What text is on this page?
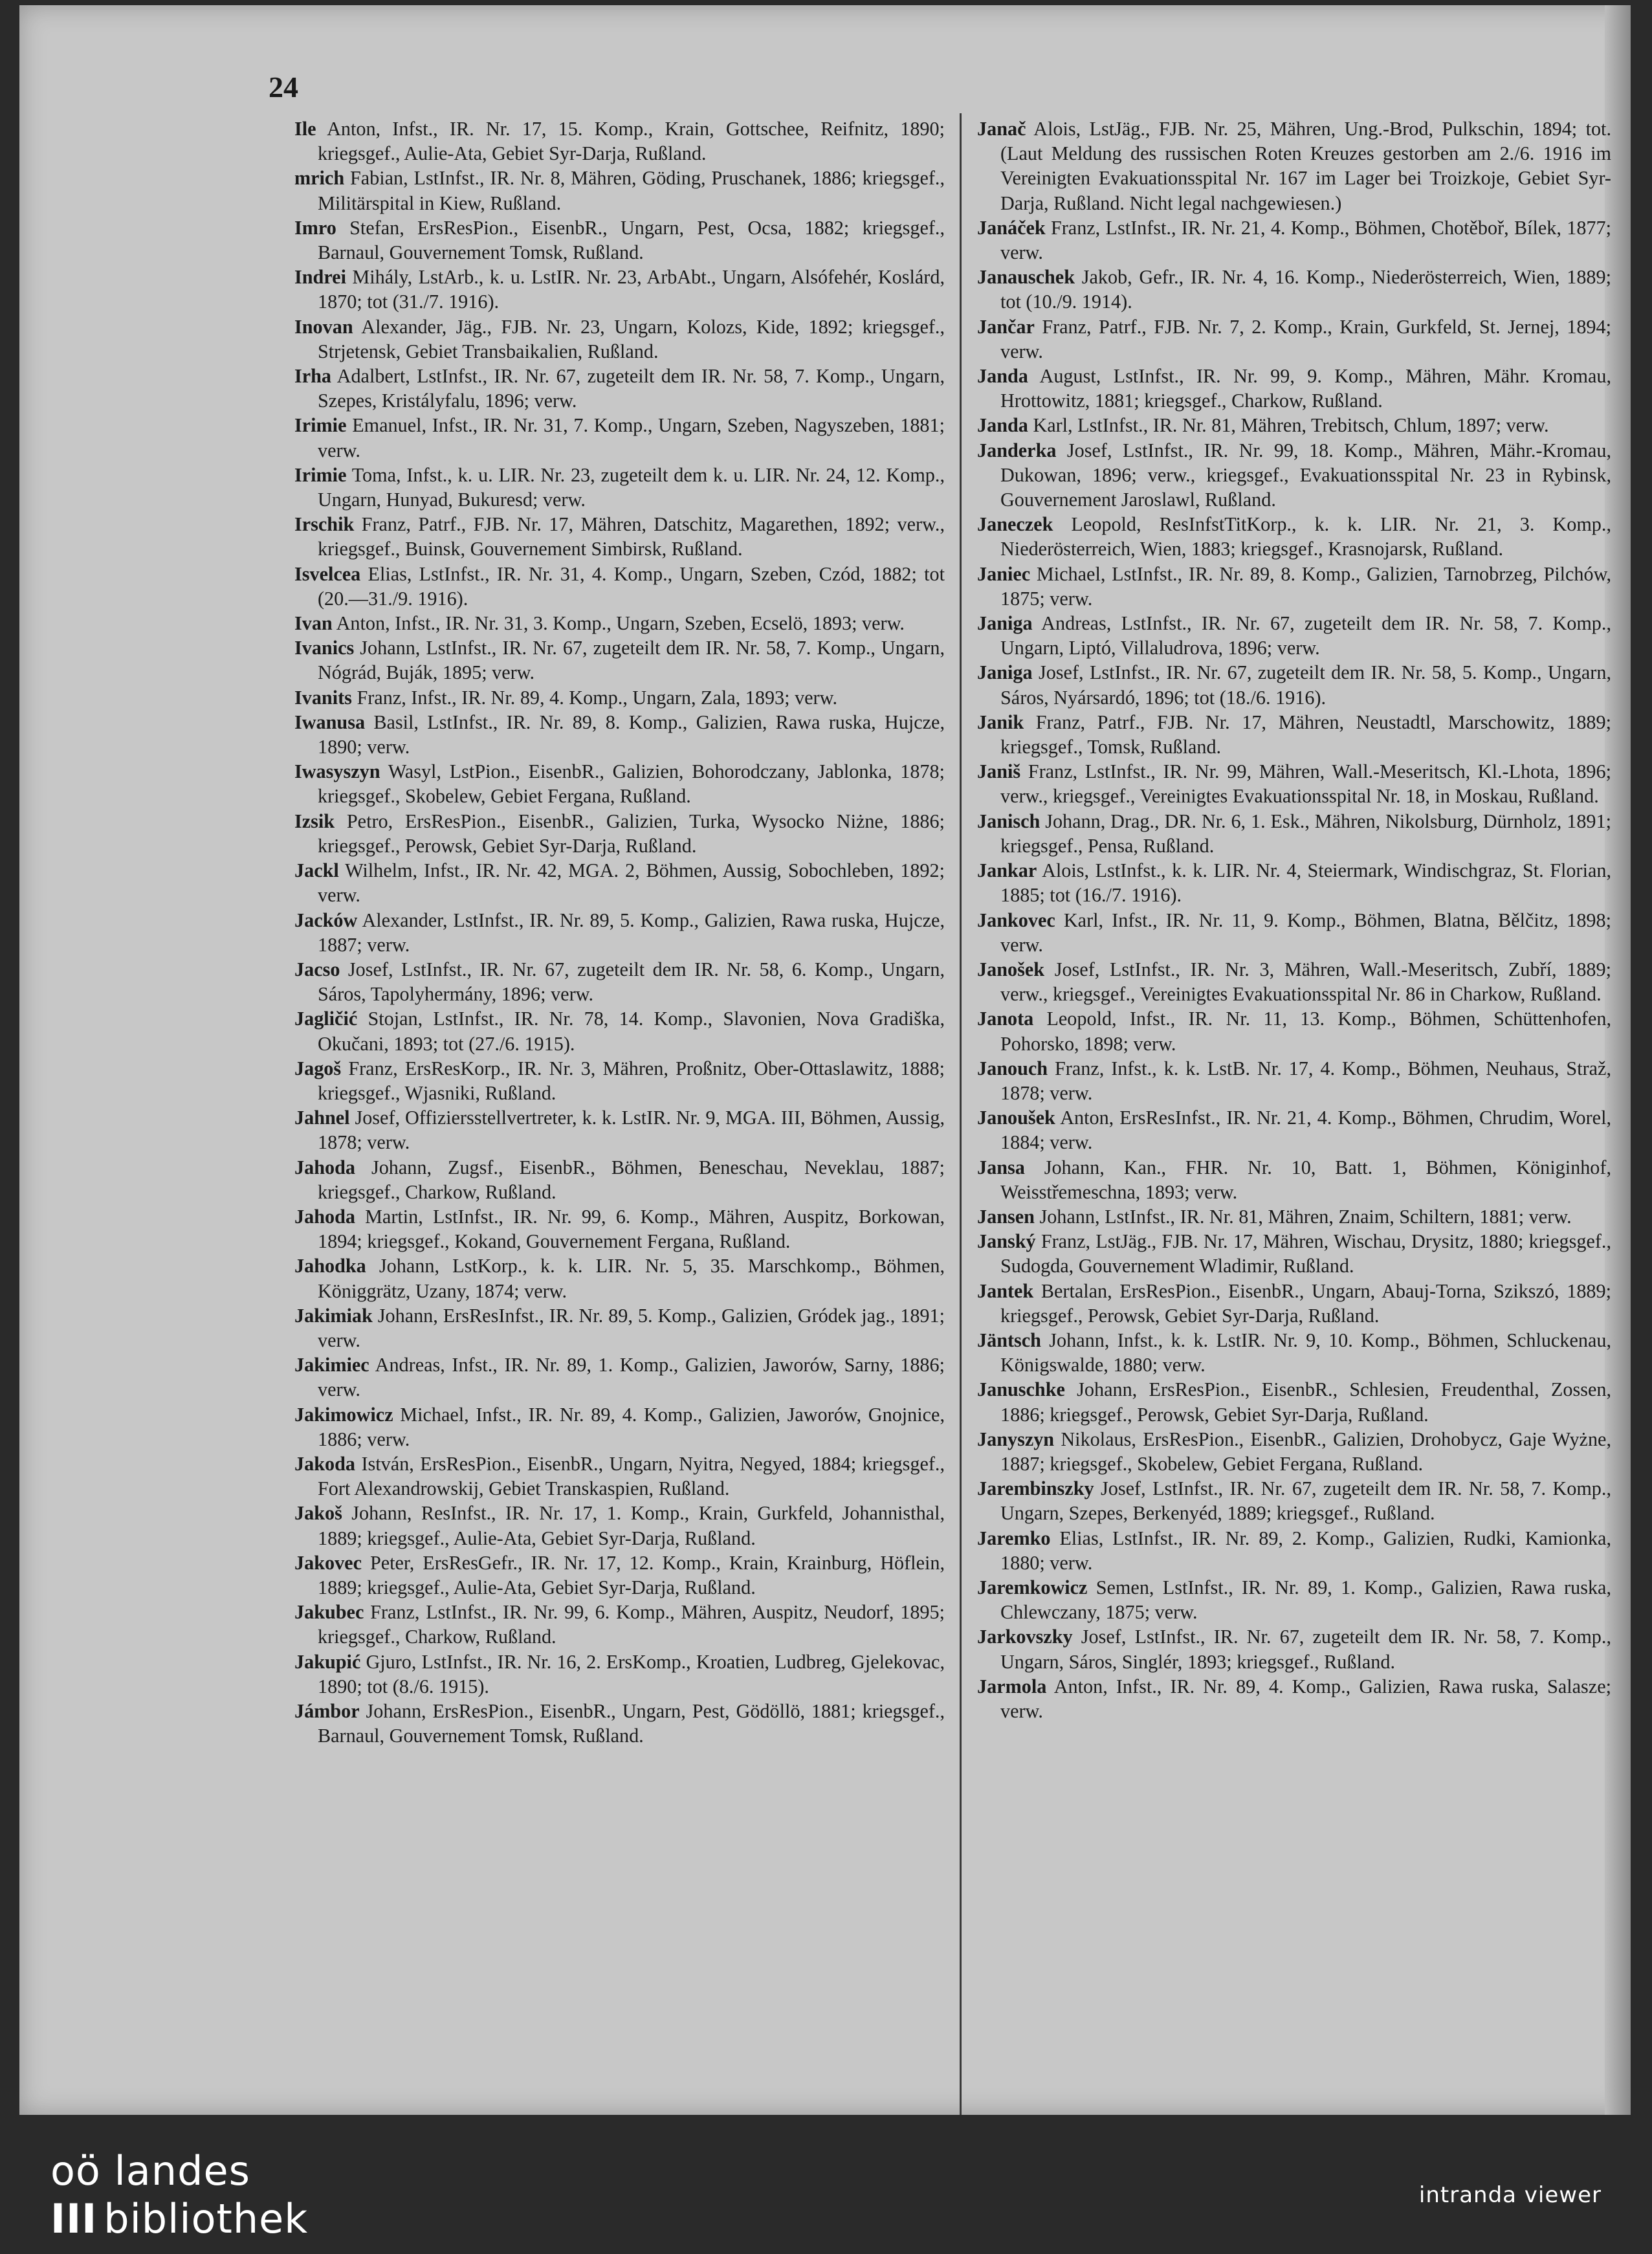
24
Ile Anton, Infst., IR. Nr. 17, 15. Komp., Krain, Gottschee, Reifnitz, 1890; kriegsgef., Aulie-Ata, Gebiet Syr-Darja, Rußland.
mrich Fabian, LstInfst., IR. Nr. 8, Mähren, Göding, Pruschanek, 1886; kriegsgef., Militärspital in Kiew, Rußland.
Imro Stefan, ErsResPion., EisenbR., Ungarn, Pest, Ocsa, 1882; kriegsgef., Barnaul, Gouvernement Tomsk, Rußland.
Indrei Mihály, LstArb., k. u. LstIR. Nr. 23, ArbAbt., Ungarn, Alsófehér, Koslárd, 1870; tot (31./7. 1916).
Inovan Alexander, Jäg., FJB. Nr. 23, Ungarn, Kolozs, Kide, 1892; kriegsgef., Strjetensk, Gebiet Transbaikalien, Rußland.
Irha Adalbert, LstInfst., IR. Nr. 67, zugeteilt dem IR. Nr. 58, 7. Komp., Ungarn, Szepes, Kristályfalu, 1896; verw.
Irimie Emanuel, Infst., IR. Nr. 31, 7. Komp., Ungarn, Szeben, Nagyszeben, 1881; verw.
Irimie Toma, Infst., k. u. LIR. Nr. 23, zugeteilt dem k. u. LIR. Nr. 24, 12. Komp., Ungarn, Hunyad, Bukuresd; verw.
Irschik Franz, Patrf., FJB. Nr. 17, Mähren, Datschitz, Magarethen, 1892; verw., kriegsgef., Buinsk, Gouvernement Simbirsk, Rußland.
Isvelcea Elias, LstInfst., IR. Nr. 31, 4. Komp., Ungarn, Szeben, Czód, 1882; tot (20.—31./9. 1916).
Ivan Anton, Infst., IR. Nr. 31, 3. Komp., Ungarn, Szeben, Ecselö, 1893; verw.
Ivanics Johann, LstInfst., IR. Nr. 67, zugeteilt dem IR. Nr. 58, 7. Komp., Ungarn, Nógrád, Buják, 1895; verw.
Ivanits Franz, Infst., IR. Nr. 89, 4. Komp., Ungarn, Zala, 1893; verw.
Iwanusa Basil, LstInfst., IR. Nr. 89, 8. Komp., Galizien, Rawa ruska, Hujcze, 1890; verw.
Iwasyszyn Wasyl, LstPion., EisenbR., Galizien, Bohorodczany, Jablonka, 1878; kriegsgef., Skobelew, Gebiet Fergana, Rußland.
Izsik Petro, ErsResPion., EisenbR., Galizien, Turka, Wysocko Niżne, 1886; kriegsgef., Perowsk, Gebiet Syr-Darja, Rußland.
Jackl Wilhelm, Infst., IR. Nr. 42, MGA. 2, Böhmen, Aussig, Sobochleben, 1892; verw.
Jacków Alexander, LstInfst., IR. Nr. 89, 5. Komp., Galizien, Rawa ruska, Hujcze, 1887; verw.
Jacso Josef, LstInfst., IR. Nr. 67, zugeteilt dem IR. Nr. 58, 6. Komp., Ungarn, Sáros, Tapolyhermány, 1896; verw.
Jagličić Stojan, LstInfst., IR. Nr. 78, 14. Komp., Slavonien, Nova Gradiška, Okučani, 1893; tot (27./6. 1915).
Jagoš Franz, ErsResKorp., IR. Nr. 3, Mähren, Proßnitz, Ober-Ottaslawitz, 1888; kriegsgef., Wjasniki, Rußland.
Jahnel Josef, Offiziersstellvertreter, k. k. LstIR. Nr. 9, MGA. III, Böhmen, Aussig, 1878; verw.
Jahoda Johann, Zugsf., EisenbR., Böhmen, Beneschau, Neveklau, 1887; kriegsgef., Charkow, Rußland.
Jahoda Martin, LstInfst., IR. Nr. 99, 6. Komp., Mähren, Auspitz, Borkowan, 1894; kriegsgef., Kokand, Gouvernement Fergana, Rußland.
Jahodka Johann, LstKorp., k. k. LIR. Nr. 5, 35. Marschkomp., Böhmen, Königgrätz, Uzany, 1874; verw.
Jakimiak Johann, ErsResInfst., IR. Nr. 89, 5. Komp., Galizien, Gródek jag., 1891; verw.
Jakimiec Andreas, Infst., IR. Nr. 89, 1. Komp., Galizien, Jaworów, Sarny, 1886; verw.
Jakimowicz Michael, Infst., IR. Nr. 89, 4. Komp., Galizien, Jaworów, Gnojnice, 1886; verw.
Jakoda István, ErsResPion., EisenbR., Ungarn, Nyitra, Negyed, 1884; kriegsgef., Fort Alexandrowskij, Gebiet Transkaspien, Rußland.
Jakoš Johann, ResInfst., IR. Nr. 17, 1. Komp., Krain, Gurkfeld, Johannisthal, 1889; kriegsgef., Aulie-Ata, Gebiet Syr-Darja, Rußland.
Jakovec Peter, ErsResGefr., IR. Nr. 17, 12. Komp., Krain, Krainburg, Höflein, 1889; kriegsgef., Aulie-Ata, Gebiet Syr-Darja, Rußland.
Jakubec Franz, LstInfst., IR. Nr. 99, 6. Komp., Mähren, Auspitz, Neudorf, 1895; kriegsgef., Charkow, Rußland.
Jakupić Gjuro, LstInfst., IR. Nr. 16, 2. ErsKomp., Kroatien, Ludbreg, Gjelekovac, 1890; tot (8./6. 1915).
Jámbor Johann, ErsResPion., EisenbR., Ungarn, Pest, Gödöllö, 1881; kriegsgef., Barnaul, Gouvernement Tomsk, Rußland.
Janač Alois, LstJäg., FJB. Nr. 25, Mähren, Ung.-Brod, Pulkschin, 1894; tot. (Laut Meldung des russischen Roten Kreuzes gestorben am 2./6. 1916 im Vereinigten Evakuationsspital Nr. 167 im Lager bei Troizkoje, Gebiet Syr-Darja, Rußland. Nicht legal nachgewiesen.)
Janáček Franz, LstInfst., IR. Nr. 21, 4. Komp., Böhmen, Chotěboř, Bílek, 1877; verw.
Janauschek Jakob, Gefr., IR. Nr. 4, 16. Komp., Niederösterreich, Wien, 1889; tot (10./9. 1914).
Jančar Franz, Patrf., FJB. Nr. 7, 2. Komp., Krain, Gurkfeld, St. Jernej, 1894; verw.
Janda August, LstInfst., IR. Nr. 99, 9. Komp., Mähren, Mähr. Kromau, Hrottowitz, 1881; kriegsgef., Charkow, Rußland.
Janda Karl, LstInfst., IR. Nr. 81, Mähren, Trebitsch, Chlum, 1897; verw.
Janderka Josef, LstInfst., IR. Nr. 99, 18. Komp., Mähren, Mähr.-Kromau, Dukowan, 1896; verw., kriegsgef., Evakuationsspital Nr. 23 in Rybinsk, Gouvernement Jaroslawl, Rußland.
Janeczek Leopold, ResInfstTitKorp., k. k. LIR. Nr. 21, 3. Komp., Niederösterreich, Wien, 1883; kriegsgef., Krasnojarsk, Rußland.
Janiec Michael, LstInfst., IR. Nr. 89, 8. Komp., Galizien, Tarnobrzeg, Pilchów, 1875; verw.
Janiga Andreas, LstInfst., IR. Nr. 67, zugeteilt dem IR. Nr. 58, 7. Komp., Ungarn, Liptó, Villaludrova, 1896; verw.
Janiga Josef, LstInfst., IR. Nr. 67, zugeteilt dem IR. Nr. 58, 5. Komp., Ungarn, Sáros, Nyársardó, 1896; tot (18./6. 1916).
Janik Franz, Patrf., FJB. Nr. 17, Mähren, Neustadtl, Marschowitz, 1889; kriegsgef., Tomsk, Rußland.
Janiš Franz, LstInfst., IR. Nr. 99, Mähren, Wall.-Meseritsch, Kl.-Lhota, 1896; verw., kriegsgef., Vereinigtes Evakuationsspital Nr. 18, in Moskau, Rußland.
Janisch Johann, Drag., DR. Nr. 6, 1. Esk., Mähren, Nikolsburg, Dürnholz, 1891; kriegsgef., Pensa, Rußland.
Jankar Alois, LstInfst., k. k. LIR. Nr. 4, Steiermark, Windischgraz, St. Florian, 1885; tot (16./7. 1916).
Jankovec Karl, Infst., IR. Nr. 11, 9. Komp., Böhmen, Blatna, Bělčitz, 1898; verw.
Janošek Josef, LstInfst., IR. Nr. 3, Mähren, Wall.-Meseritsch, Zubří, 1889; verw., kriegsgef., Vereinigtes Evakuationsspital Nr. 86 in Charkow, Rußland.
Janota Leopold, Infst., IR. Nr. 11, 13. Komp., Böhmen, Schüttenhofen, Pohorsko, 1898; verw.
Janouch Franz, Infst., k. k. LstB. Nr. 17, 4. Komp., Böhmen, Neuhaus, Straž, 1878; verw.
Janoušek Anton, ErsResInfst., IR. Nr. 21, 4. Komp., Böhmen, Chrudim, Worel, 1884; verw.
Jansa Johann, Kan., FHR. Nr. 10, Batt. 1, Böhmen, Königinhof, Weisstřemeschna, 1893; verw.
Jansen Johann, LstInfst., IR. Nr. 81, Mähren, Znaim, Schiltern, 1881; verw.
Janský Franz, LstJäg., FJB. Nr. 17, Mähren, Wischau, Drysitz, 1880; kriegsgef., Sudogda, Gouvernement Wladimir, Rußland.
Jantek Bertalan, ErsResPion., EisenbR., Ungarn, Abauj-Torna, Szikszó, 1889; kriegsgef., Perowsk, Gebiet Syr-Darja, Rußland.
Jäntsch Johann, Infst., k. k. LstIR. Nr. 9, 10. Komp., Böhmen, Schluckenau, Königswalde, 1880; verw.
Januschke Johann, ErsResPion., EisenbR., Schlesien, Freudenthal, Zossen, 1886; kriegsgef., Perowsk, Gebiet Syr-Darja, Rußland.
Janyszyn Nikolaus, ErsResPion., EisenbR., Galizien, Drohobycz, Gaje Wyżne, 1887; kriegsgef., Skobelew, Gebiet Fergana, Rußland.
Jarembinszky Josef, LstInfst., IR. Nr. 67, zugeteilt dem IR. Nr. 58, 7. Komp., Ungarn, Szepes, Berkenyéd, 1889; kriegsgef., Rußland.
Jaremko Elias, LstInfst., IR. Nr. 89, 2. Komp., Galizien, Rudki, Kamionka, 1880; verw.
Jaremkowicz Semen, LstInfst., IR. Nr. 89, 1. Komp., Galizien, Rawa ruska, Chlewczany, 1875; verw.
Jarkovszky Josef, LstInfst., IR. Nr. 67, zugeteilt dem IR. Nr. 58, 7. Komp., Ungarn, Sáros, Singlér, 1893; kriegsgef., Rußland.
Jarmola Anton, Infst., IR. Nr. 89, 4. Komp., Galizien, Rawa ruska, Salasze; verw.
oö landes
III bibliothek	intranda viewer
